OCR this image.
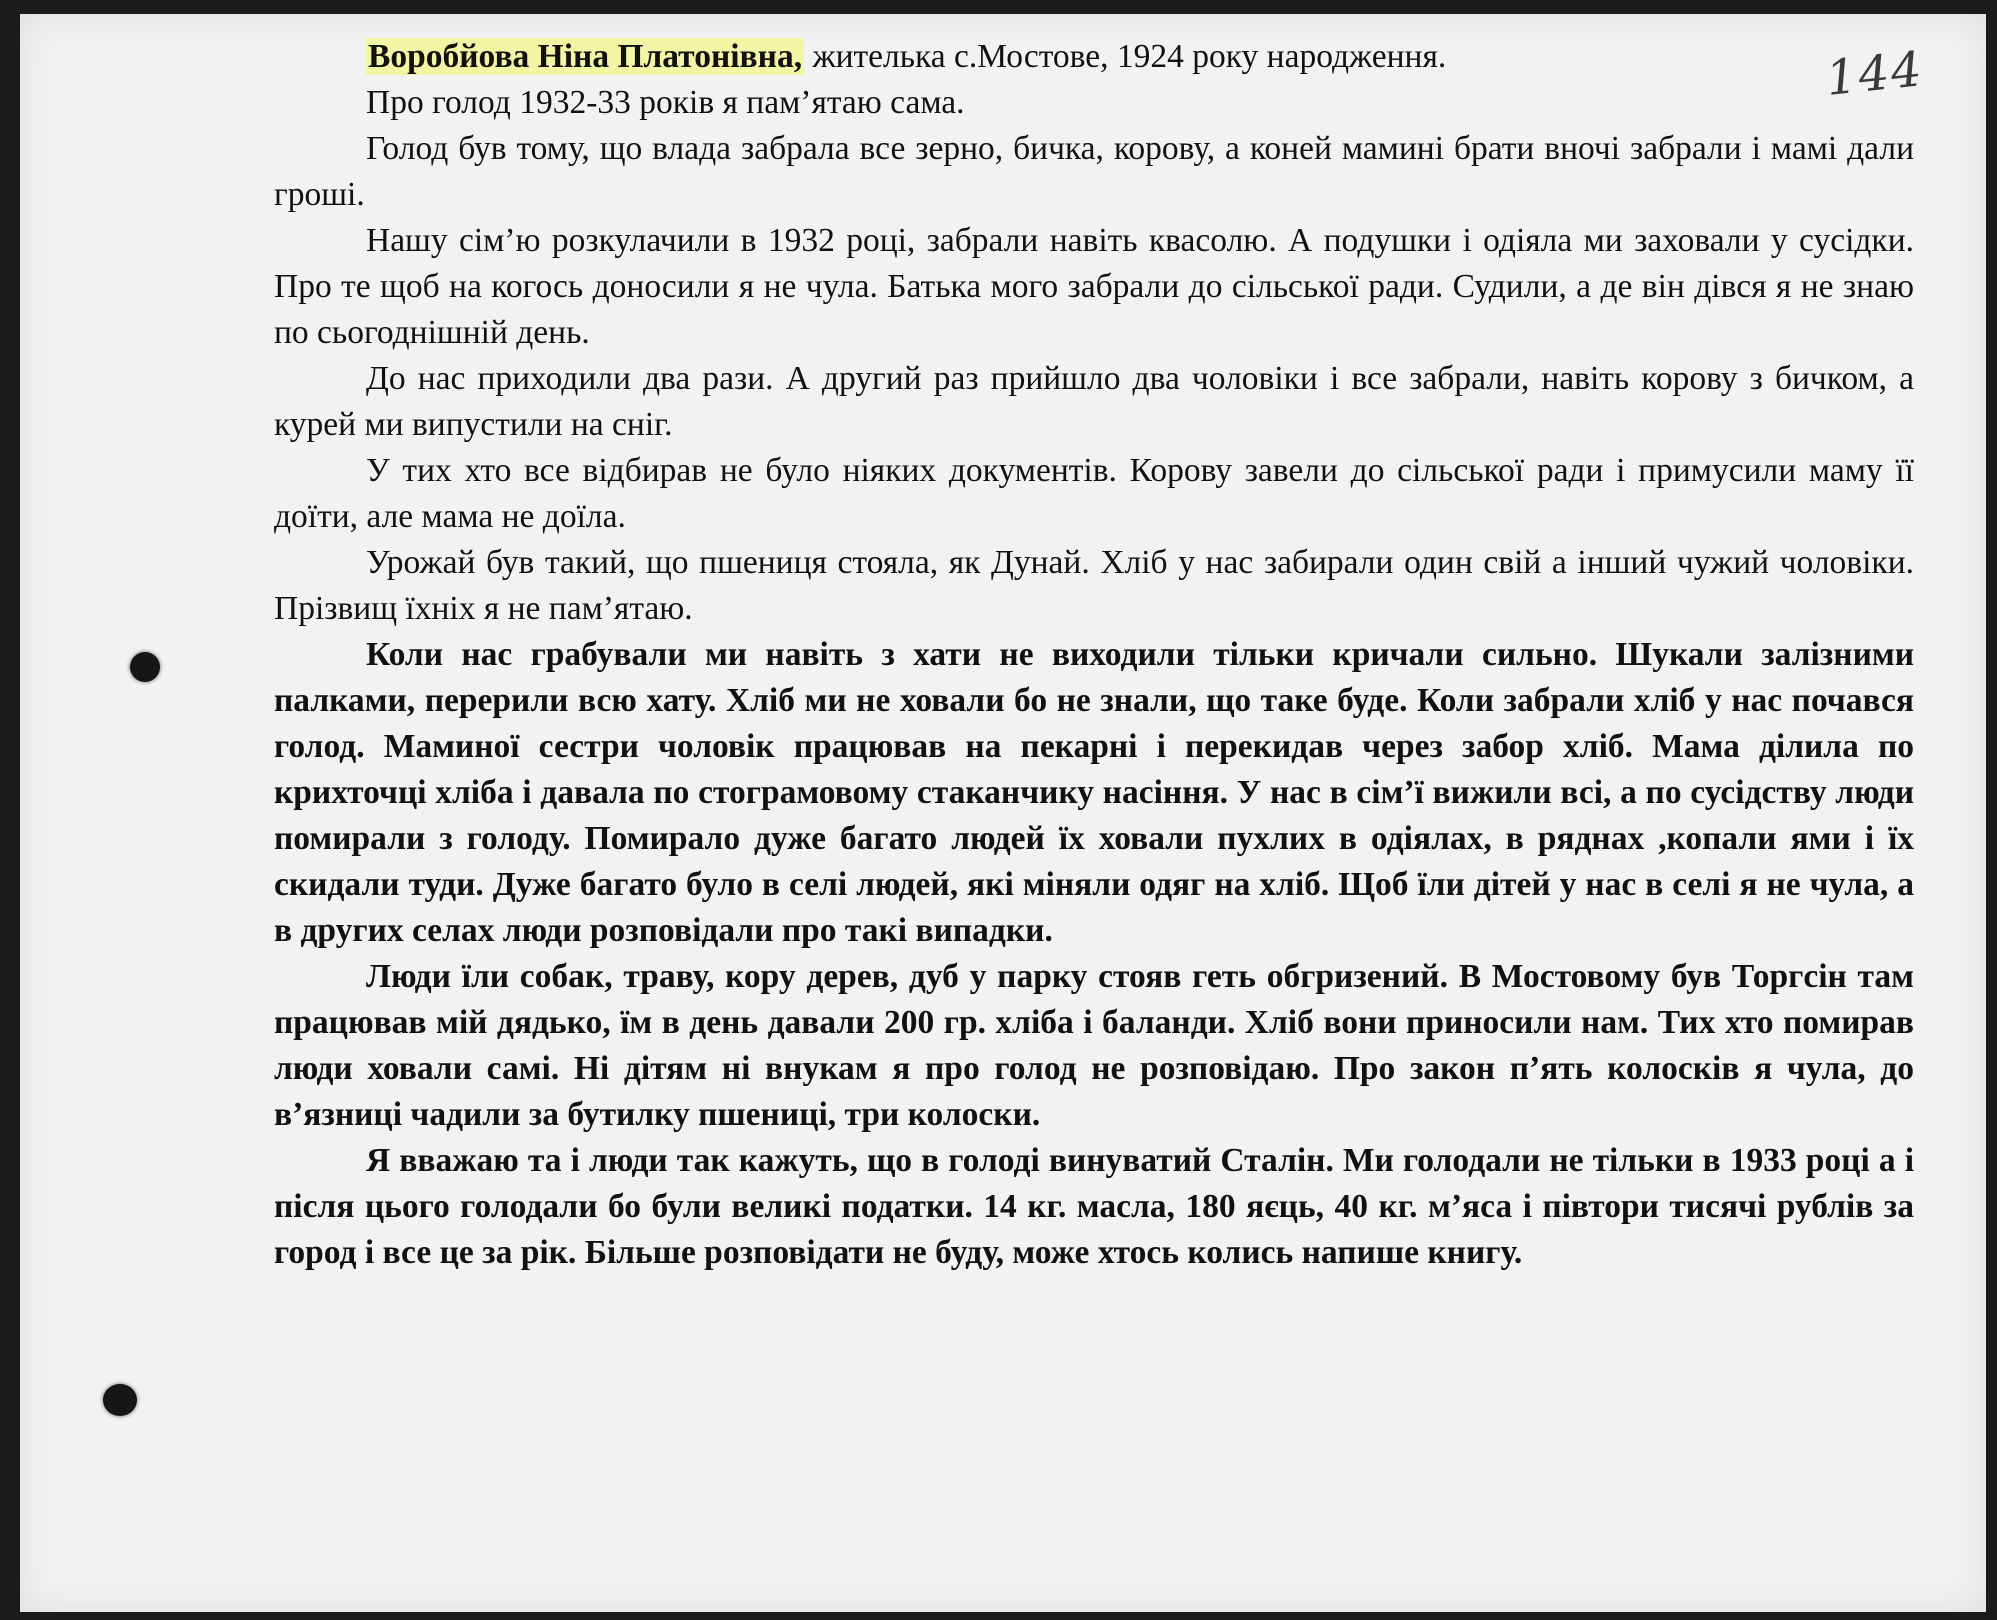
144

Воробйова Ніна Платонівна, жителька с.Мостове, 1924 року народження.

Про голод 1932-33 років я пам’ятаю сама.

Голод був тому, що влада забрала все зерно, бичка, корову, а коней мамині брати вночі забрали і мамі дали гроші.

Нашу сім’ю розкулачили в 1932 році, забрали навіть квасолю. А подушки і одіяла ми заховали у сусідки. Про те щоб на когось доносили я не чула. Батька мого забрали до сільської ради. Судили, а де він дівся я не знаю по сьогоднішній день.

До нас приходили два рази. А другий раз прийшло два чоловіки і все забрали, навіть корову з бичком, а курей ми випустили на сніг.

У тих хто все відбирав не було ніяких документів. Корову завели до сільської ради і примусили маму її доїти, але мама не доїла.

Урожай був такий, що пшениця стояла, як Дунай. Хліб у нас забирали один свій а інший чужий чоловіки. Прізвищ їхніх я не пам’ятаю.

Коли нас грабували ми навіть з хати не виходили тільки кричали сильно. Шукали залізними палками, перерили всю хату. Хліб ми не ховали бо не знали, що таке буде. Коли забрали хліб у нас почався голод. Маминої сестри чоловік працював на пекарні і перекидав через забор хліб. Мама ділила по крихточці хліба і давала по стограмовому стаканчику насіння. У нас в сім’ї вижили всі, а по сусідству люди помирали з голоду. Помирало дуже багато людей їх ховали пухлих в одіялах, в ряднах ,копали ями і їх скидали туди. Дуже багато було в селі людей, які міняли одяг на хліб. Щоб їли дітей у нас в селі я не чула, а в других селах люди розповідали про такі випадки.

Люди їли собак, траву, кору дерев, дуб у парку стояв геть обгризений. В Мостовому був Торгсін там працював мій дядько, їм в день давали 200 гр. хліба і баланди. Хліб вони приносили нам. Тих хто помирав люди ховали самі. Ні дітям ні внукам я про голод не розповідаю. Про закон п’ять колосків я чула, до в’язниці чадили за бутилку пшениці, три колоски.

Я вважаю та і люди так кажуть, що в голоді винуватий Сталін. Ми голодали не тільки в 1933 році а і після цього голодали бо були великі податки. 14 кг. масла, 180 яєць, 40 кг. м’яса і півтори тисячі рублів за город і все це за рік. Більше розповідати не буду, може хтось колись напише книгу.
